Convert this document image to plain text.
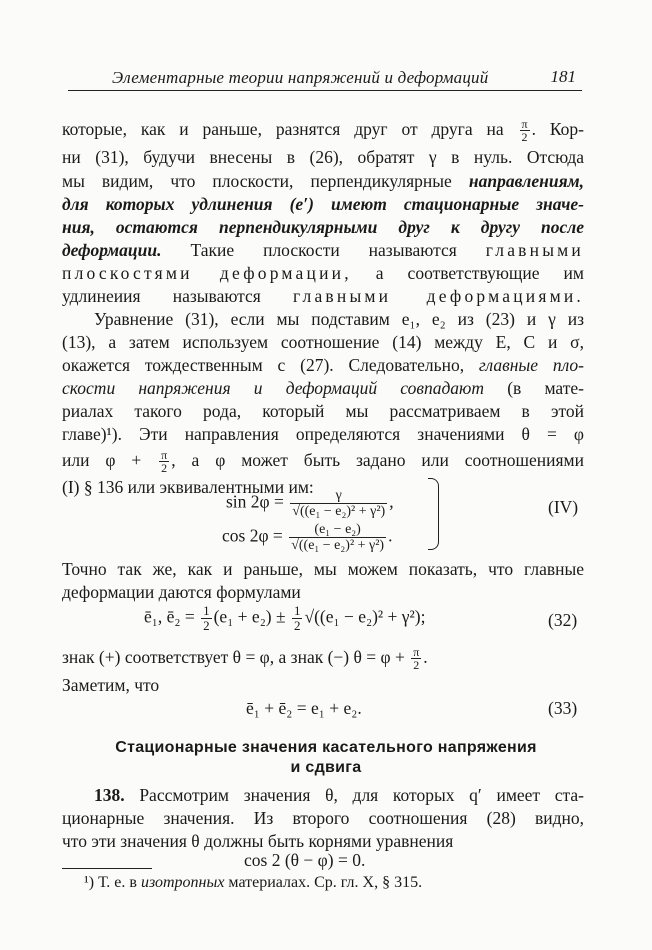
Элементарные теории напряжений и деформаций	181
которые, как и раньше, разнятся друг от друга на $\frac{\pi}{2}$ . Кор-
ни (31), будучи внесены в (26), обратят γ в нуль. Отсюда
мы видим, что плоскости, перпендикулярные направлениям,
для которых удлинения (e′) имеют стационарные значе-
ния, остаются перпендикулярными друг к другу после
деформации. Такие плоскости называются главными
плоскостями деформации, а соответствующие им
удлинеиия называются главными деформациями.
Уравнение (31), если мы подставим e₁, e₂ из (23) и γ из
(13), а затем используем соотношение (14) между E, C и σ,
окажется тождественным с (27). Следовательно, главные пло-
скости напряжения и деформаций совпадают (в мате-
риалах такого рода, который мы рассматриваем в этой
главе)¹). Эти направления определяются значениями θ = φ
или $\varphi + \frac{\pi}{2}$ , а φ может быть задано или соотношениями
(I) § 136 или эквивалентными им:
$\sin 2\varphi = \frac{\gamma}{\text{√((e₁ − e₂)² + γ²)}}$ ,
$\cos 2\varphi = \frac{\text{(e₁ − e₂)}}{\text{√((e₁ − e₂)² + γ²)}}$ .
(IV)
Точно так же, как и раньше, мы можем показать, что главные
деформации даются формулами
ē₁, ē₂ = $\frac{1}{2} (e_1 + e_2) \pm \frac{1}{2} √((e_1 - e_2)^2 + \gamma^2)$;	(32)
знак (+) соответствует θ = φ, а знак (−) $\theta = \varphi + \frac{\pi}{2}$ .
Заметим, что
ē₁ + ē₂ = e₁ + e₂.	(33)
Стационарные значения касательного напряжения
и сдвига
138. Рассмотрим значения θ, для которых q′ имеет ста-
ционарные значения. Из второго соотношения (28) видно,
что эти значения θ должны быть корнями уравнения
cos 2 (θ − φ) = 0.
¹) Т. е. в изотропных материалах. Ср. гл. X, § 315.
